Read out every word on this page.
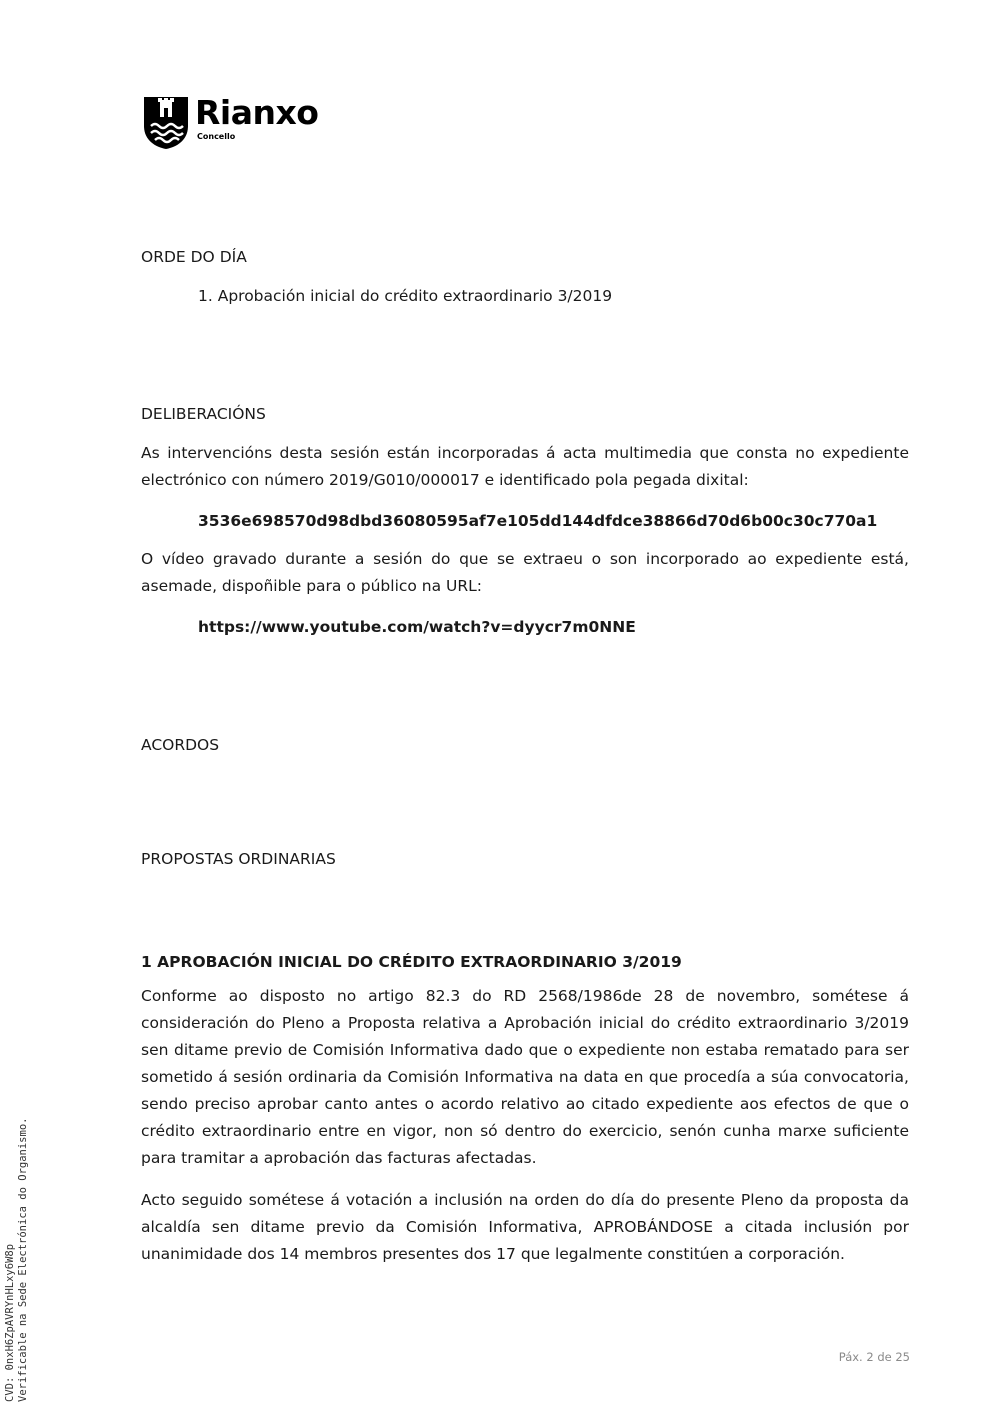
Rianxo
Concello
ORDE DO DÍA
1. Aprobación inicial do crédito extraordinario 3/2019
DELIBERACIÓNS
As intervencións desta sesión están incorporadas á acta multimedia que consta no expediente electrónico con número 2019/G010/000017 e identificado pola pegada dixital:
3536e698570d98dbd36080595af7e105dd144dfdce38866d70d6b00c30c770a1
O vídeo gravado durante a sesión do que se extraeu o son incorporado ao expediente está, asemade, dispoñible para o público na URL:
https://www.youtube.com/watch?v=dyycr7m0NNE
ACORDOS
PROPOSTAS ORDINARIAS
1 APROBACIÓN INICIAL DO CRÉDITO EXTRAORDINARIO 3/2019
Conforme ao disposto no artigo 82.3 do RD 2568/1986de 28 de novembro, sométese á consideración do Pleno a Proposta relativa a Aprobación inicial do crédito extraordinario 3/2019 sen ditame previo de Comisión Informativa dado que o expediente non estaba rematado para ser sometido á sesión ordinaria da Comisión Informativa na data en que procedía a súa convocatoria, sendo preciso aprobar canto antes o acordo relativo ao citado expediente aos efectos de que o crédito extraordinario entre en vigor, non só dentro do exercicio, senón cunha marxe suficiente para tramitar a aprobación das facturas afectadas.
Acto seguido sométese á votación a inclusión na orden do día do presente Pleno da proposta da alcaldía sen ditame previo da Comisión Informativa, APROBÁNDOSE a citada inclusión por unanimidade dos 14 membros presentes dos 17 que legalmente constitúen a corporación.
Páx. 2 de 25
CVD: 0nxH6ZpAVRYnHLxy6W8p Verificable na Sede Electrónica do Organismo.
